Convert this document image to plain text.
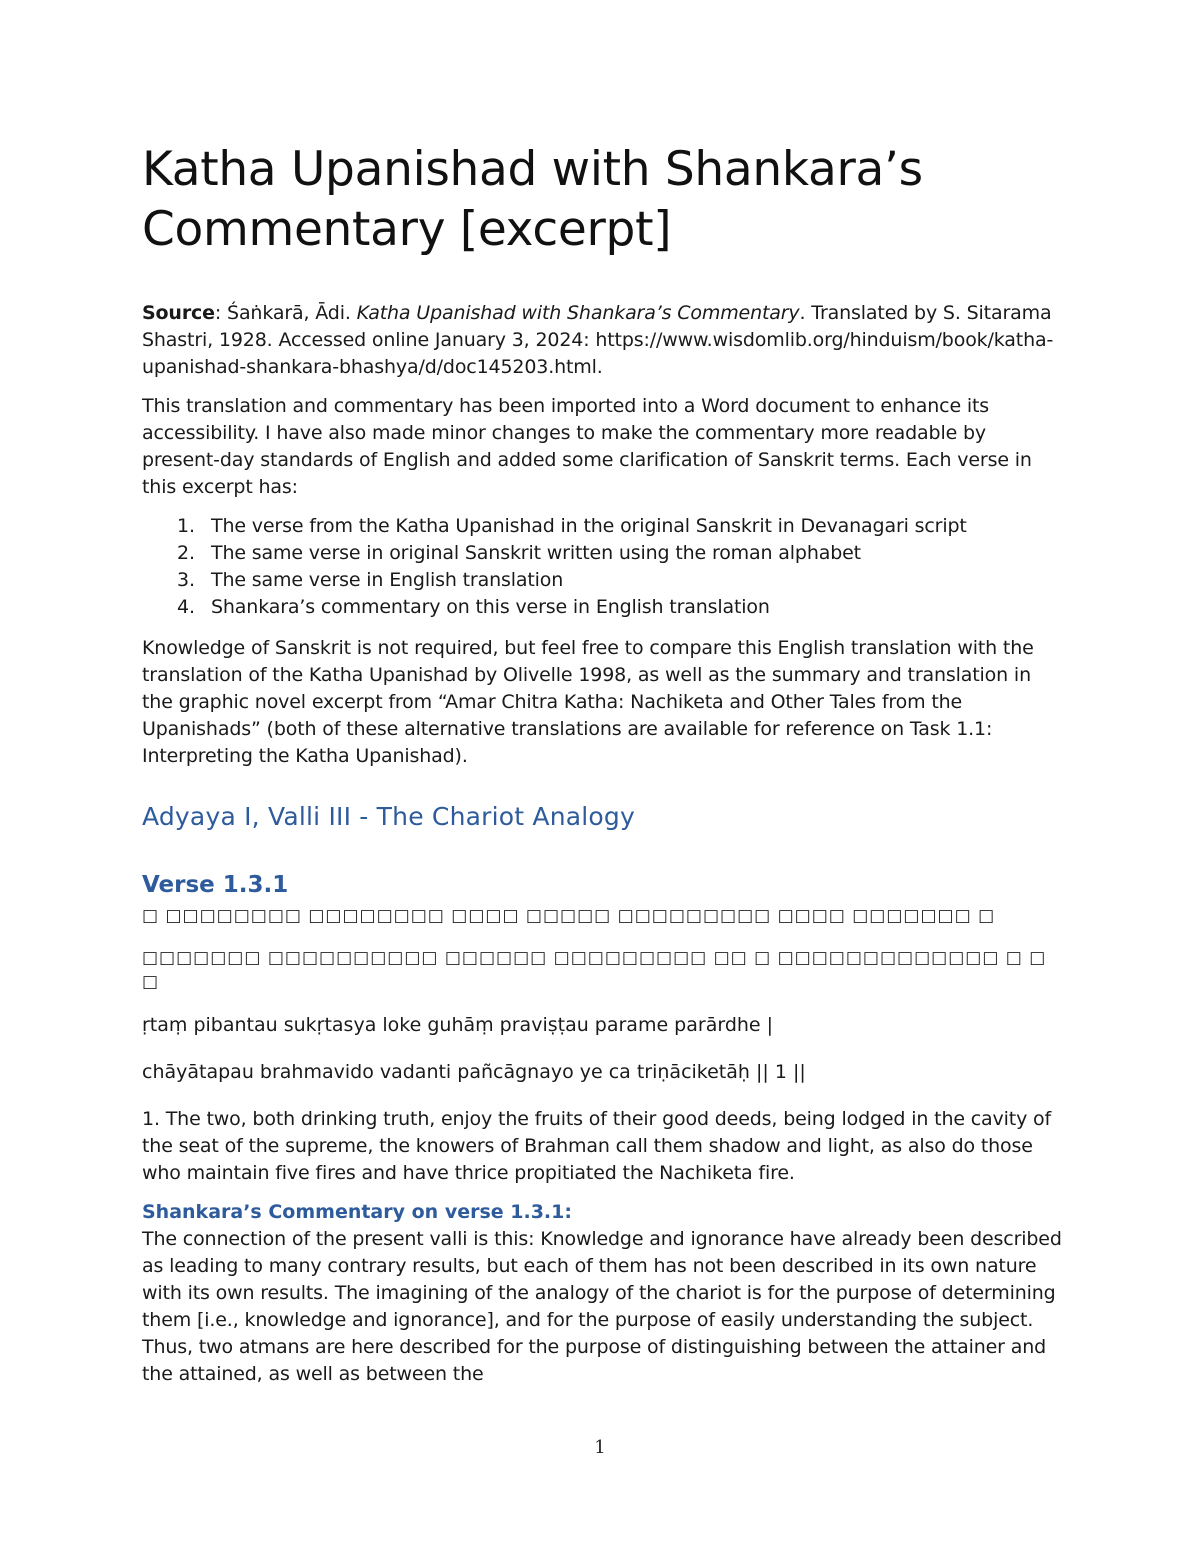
Katha Upanishad with Shankara’s Commentary [excerpt]

Source: Śaṅkarā, Ādi. Katha Upanishad with Shankara’s Commentary. Translated by S. Sitarama Shastri, 1928. Accessed online January 3, 2024: https://www.wisdomlib.org/hinduism/book/katha-upanishad-shankara-bhashya/d/doc145203.html.

This translation and commentary has been imported into a Word document to enhance its accessibility. I have also made minor changes to make the commentary more readable by present-day standards of English and added some clarification of Sanskrit terms. Each verse in this excerpt has:

1. The verse from the Katha Upanishad in the original Sanskrit in Devanagari script
2. The same verse in original Sanskrit written using the roman alphabet
3. The same verse in English translation
4. Shankara’s commentary on this verse in English translation

Knowledge of Sanskrit is not required, but feel free to compare this English translation with the translation of the Katha Upanishad by Olivelle 1998, as well as the summary and translation in the graphic novel excerpt from “Amar Chitra Katha: Nachiketa and Other Tales from the Upanishads” (both of these alternative translations are available for reference on Task 1.1: Interpreting the Katha Upanishad).

Adyaya I, Valli III - The Chariot Analogy
Verse 1.3.1

□ □□□□□□□□ □□□□□□□□ □□□□ □□□□□ □□□□□□□□□ □□□□ □□□□□□□ □

□□□□□□□ □□□□□□□□□□ □□□□□□ □□□□□□□□□ □□ □ □□□□□□□□□□□□□ □ □ □

ṛtaṃ pibantau sukṛtasya loke guhāṃ praviṣṭau parame parārdhe |

chāyātapau brahmavido vadanti pañcāgnayo ye ca triṇāciketāḥ || 1 ||

1. The two, both drinking truth, enjoy the fruits of their good deeds, being lodged in the cavity of the seat of the supreme, the knowers of Brahman call them shadow and light, as also do those who maintain five fires and have thrice propitiated the Nachiketa fire.

Shankara’s Commentary on verse 1.3.1:

The connection of the present valli is this: Knowledge and ignorance have already been described as leading to many contrary results, but each of them has not been described in its own nature with its own results. The imagining of the analogy of the chariot is for the purpose of determining them [i.e., knowledge and ignorance], and for the purpose of easily understanding the subject. Thus, two atmans are here described for the purpose of distinguishing between the attainer and the attained, as well as between the

1
